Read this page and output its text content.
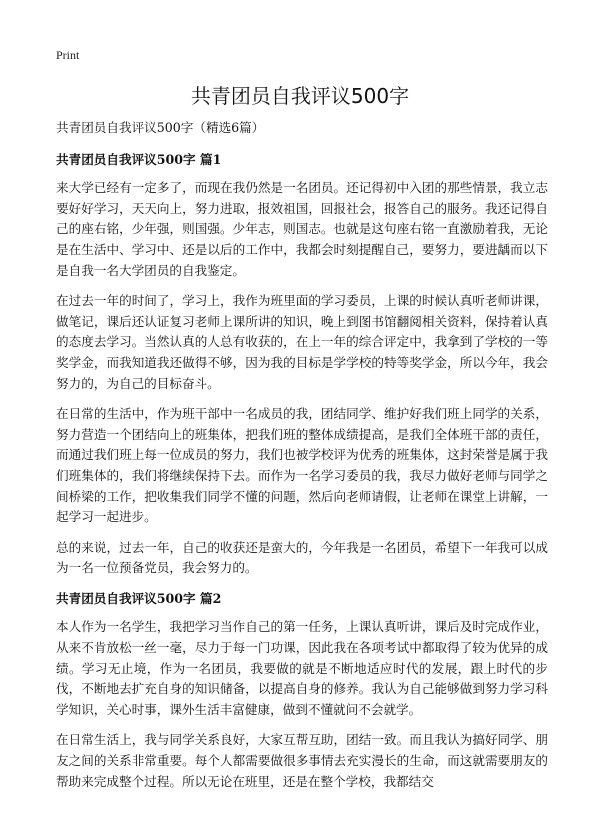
Print
共青团员自我评议500字
共青团员自我评议500字（精选6篇）
共青团员自我评议500字 篇1

来大学已经有一定多了，而现在我仍然是一名团员。还记得初中入团的那些情景，我立志要好好学习，天天向上，努力进取，报效祖国，回报社会，报答自己的服务。我还记得自己的座右铭，少年强，则国强。少年志，则国志。也就是这句座右铭一直激励着我，无论是在生活中、学习中、还是以后的工作中，我都会时刻提醒自己，要努力，要进龋而以下是自我一名大学团员的自我鉴定。

在过去一年的时间了，学习上，我作为班里面的学习委员，上课的时候认真听老师讲课，做笔记，课后还认证复习老师上课所讲的知识，晚上到图书馆翻阅相关资料，保持着认真的态度去学习。当然认真的人总有收获的，在上一年的综合评定中，我拿到了学校的一等奖学金，而我知道我还做得不够，因为我的目标是学学校的特等奖学金，所以今年，我会努力的，为自己的目标奋斗。

在日常的生活中，作为班干部中一名成员的我，团结同学、维护好我们班上同学的关系，努力营造一个团结向上的班集体，把我们班的整体成绩提高，是我们全体班干部的责任，而通过我们班上每一位成员的努力，我们也被学校评为优秀的班集体，这封荣誉是属于我们班集体的，我们将继续保持下去。而作为一名学习委员的我，我尽力做好老师与同学之间桥梁的工作，把收集我们同学不懂的问题，然后向老师请假，让老师在课堂上讲解，一起学习一起进步。

总的来说，过去一年，自己的收获还是蛮大的，今年我是一名团员，希望下一年我可以成为一名一位预备党员，我会努力的。

共青团员自我评议500字 篇2

本人作为一名学生，我把学习当作自己的第一任务，上课认真听讲，课后及时完成作业，从来不肯放松一丝一毫，尽力于每一门功课，因此我在各项考试中都取得了较为优异的成绩。学习无止境，作为一名团员，我要做的就是不断地适应时代的发展，跟上时代的步伐，不断地去扩充自身的知识储备，以提高自身的修养。我认为自己能够做到努力学习科学知识，关心时事，课外生活丰富健康，做到不懂就问不会就学。

在日常生活上，我与同学关系良好，大家互帮互助，团结一致。而且我认为搞好同学、朋友之间的关系非常重要。每个人都需要做很多事情去充实漫长的生命，而这就需要朋友的帮助来完成整个过程。所以无论在班里，还是在整个学校，我都结交
